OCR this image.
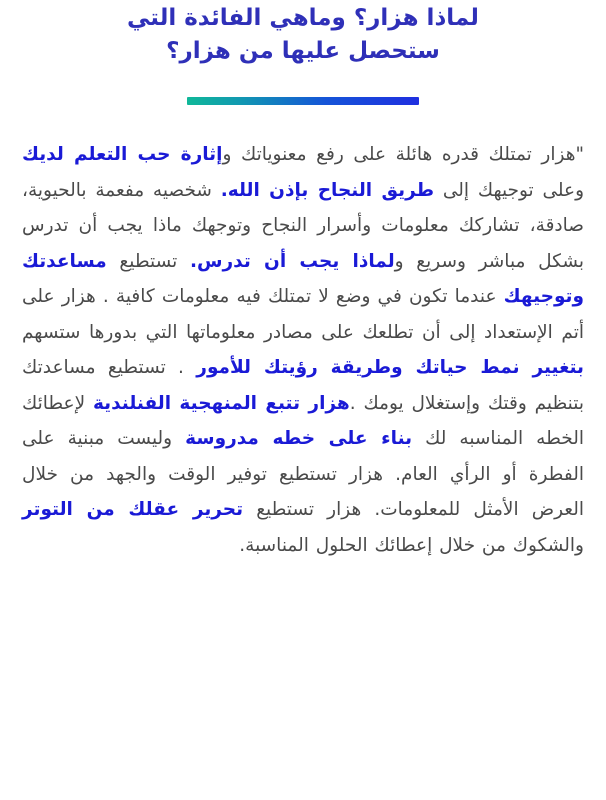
لماذا هزار؟ وماهي الفائدة التي
ستحصل عليها من هزار؟
"هزار تمتلك قدره هائلة على رفع معنوياتك وإثارة حب التعلم لديك وعلى توجيهك إلى طريق النجاح بإذن الله. شخصيه مفعمة بالحيوية، صادقة، تشاركك معلومات وأسرار النجاح وتوجهك ماذا يجب أن تدرس بشكل مباشر وسريع ولماذا يجب أن تدرس. تستطيع مساعدتك وتوجيهك عندما تكون في وضع لا تمتلك فيه معلومات كافية . هزار على أتم الإستعداد إلى أن تطلعك على مصادر معلوماتها التي بدورها ستسهم بتغيير نمط حياتك وطريقة رؤيتك للأمور . تستطيع مساعدتك بتنظيم وقتك وإستغلال يومك .هزار تتبع المنهجية الفنلندية لإعطائك الخطه المناسبه لك بناء على خطه مدروسة وليست مبنية على الفطرة أو الرأي العام. هزار تستطيع توفير الوقت والجهد من خلال العرض الأمثل للمعلومات. هزار تستطيع تحرير عقلك من التوتر والشكوك من خلال إعطائك الحلول المناسبة.
